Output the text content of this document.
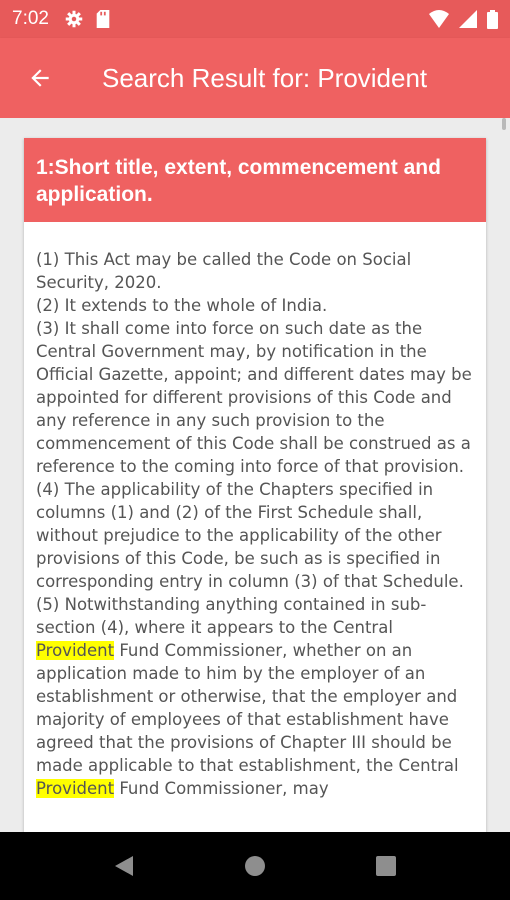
7:02
Search Result for: Provident
1:Short title, extent, commencement and application.

(1) This Act may be called the Code on Social Security, 2020.

(2) It extends to the whole of India.

(3) It shall come into force on such date as the Central Government may, by notification in the Official Gazette, appoint; and different dates may be appointed for different provisions of this Code and any reference in any such provision to the commencement of this Code shall be construed as a reference to the coming into force of that provision.

(4) The applicability of the Chapters specified in columns (1) and (2) of the First Schedule shall, without prejudice to the applicability of the other provisions of this Code, be such as is specified in corresponding entry in column (3) of that Schedule.

(5) Notwithstanding anything contained in sub-section (4), where it appears to the Central Provident Fund Commissioner, whether on an application made to him by the employer of an establishment or otherwise, that the employer and majority of employees of that establishment have agreed that the provisions of Chapter III should be made applicable to that establishment, the Central Provident Fund Commissioner, may
